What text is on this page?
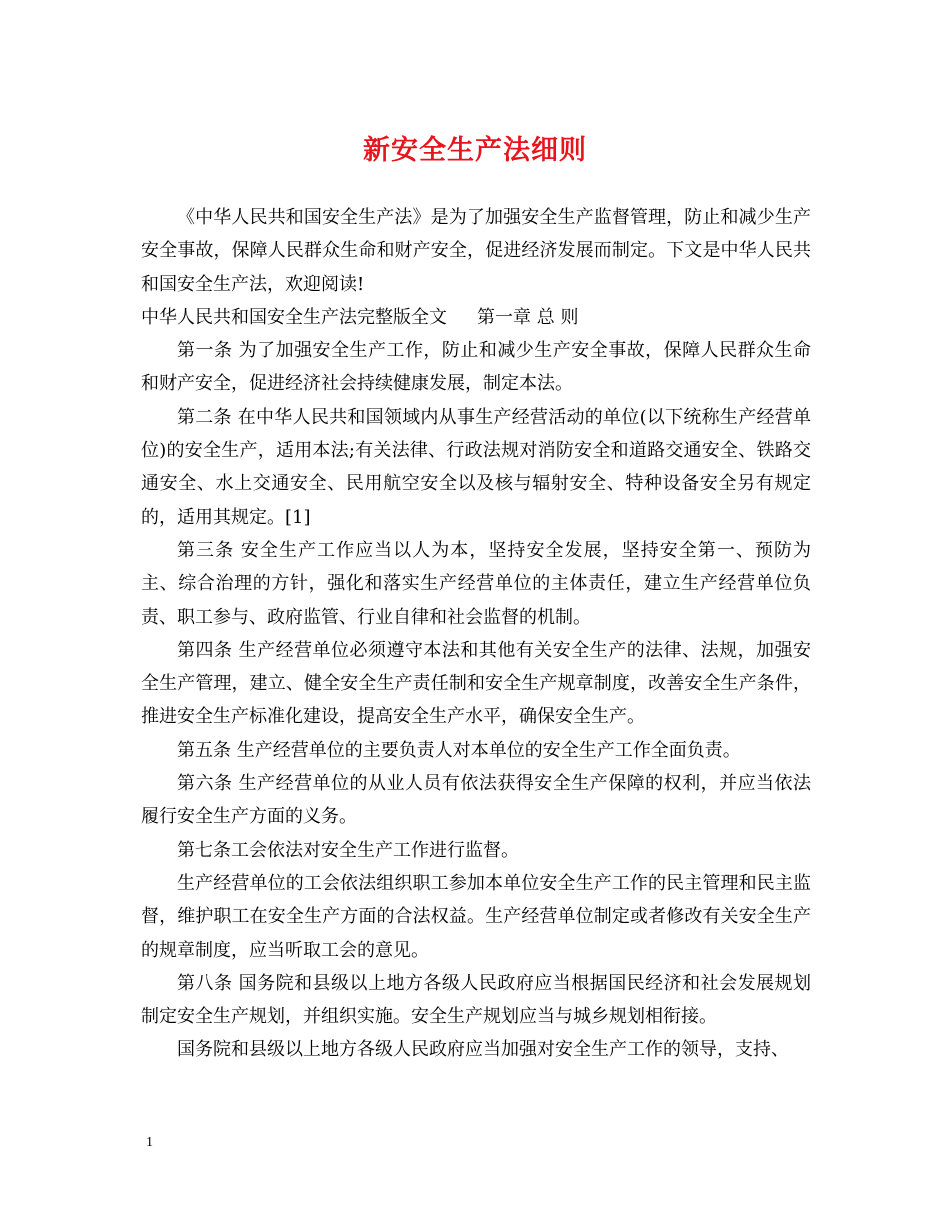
新安全生产法细则

《中华人民共和国安全生产法》是为了加强安全生产监督管理，防止和减少生产安全事故，保障人民群众生命和财产安全，促进经济发展而制定。下文是中华人民共和国安全生产法，欢迎阅读!

中华人民共和国安全生产法完整版全文 第一章 总 则

第一条 为了加强安全生产工作，防止和减少生产安全事故，保障人民群众生命和财产安全，促进经济社会持续健康发展，制定本法。

第二条 在中华人民共和国领域内从事生产经营活动的单位(以下统称生产经营单位)的安全生产，适用本法;有关法律、行政法规对消防安全和道路交通安全、铁路交通安全、水上交通安全、民用航空安全以及核与辐射安全、特种设备安全另有规定的，适用其规定。[1]

第三条 安全生产工作应当以人为本，坚持安全发展，坚持安全第一、预防为主、综合治理的方针，强化和落实生产经营单位的主体责任，建立生产经营单位负责、职工参与、政府监管、行业自律和社会监督的机制。

第四条 生产经营单位必须遵守本法和其他有关安全生产的法律、法规，加强安全生产管理，建立、健全安全生产责任制和安全生产规章制度，改善安全生产条件，推进安全生产标准化建设，提高安全生产水平，确保安全生产。

第五条 生产经营单位的主要负责人对本单位的安全生产工作全面负责。

第六条 生产经营单位的从业人员有依法获得安全生产保障的权利，并应当依法履行安全生产方面的义务。

第七条工会依法对安全生产工作进行监督。

生产经营单位的工会依法组织职工参加本单位安全生产工作的民主管理和民主监督，维护职工在安全生产方面的合法权益。生产经营单位制定或者修改有关安全生产的规章制度，应当听取工会的意见。

第八条 国务院和县级以上地方各级人民政府应当根据国民经济和社会发展规划制定安全生产规划，并组织实施。安全生产规划应当与城乡规划相衔接。

国务院和县级以上地方各级人民政府应当加强对安全生产工作的领导，支持、

1
